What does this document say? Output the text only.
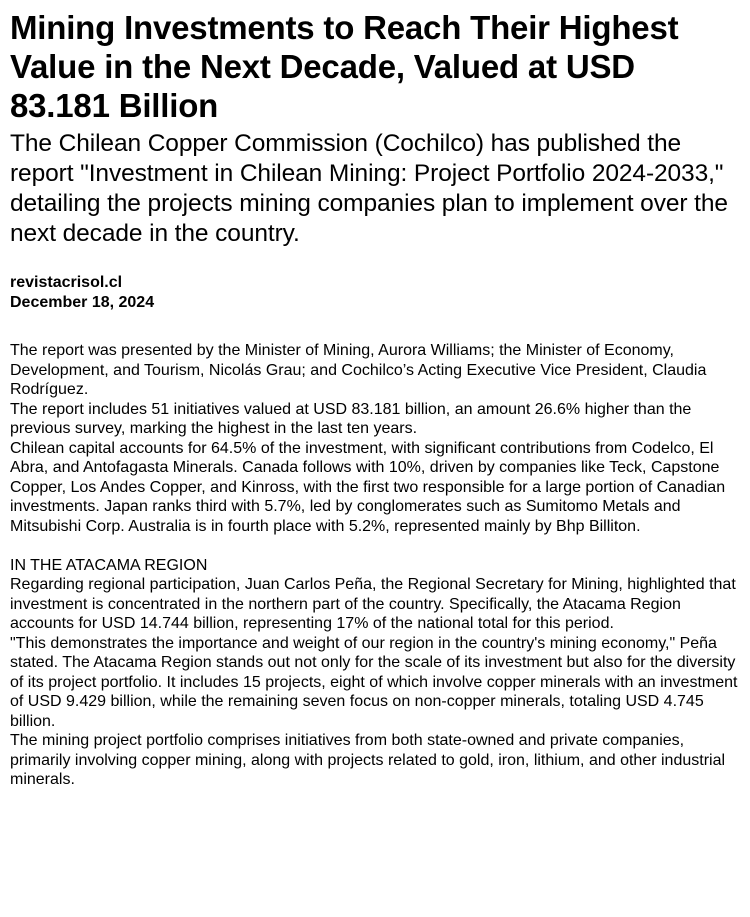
Mining Investments to Reach Their Highest Value in the Next Decade, Valued at USD 83.181 Billion

The Chilean Copper Commission (Cochilco) has published the report "Investment in Chilean Mining: Project Portfolio 2024-2033," detailing the projects mining companies plan to implement over the next decade in the country.

revistacrisol.cl
December 18, 2024

The report was presented by the Minister of Mining, Aurora Williams; the Minister of Economy, Development, and Tourism, Nicolás Grau; and Cochilco’s Acting Executive Vice President, Claudia Rodríguez.

The report includes 51 initiatives valued at USD 83.181 billion, an amount 26.6% higher than the previous survey, marking the highest in the last ten years.

Chilean capital accounts for 64.5% of the investment, with significant contributions from Codelco, El Abra, and Antofagasta Minerals. Canada follows with 10%, driven by companies like Teck, Capstone Copper, Los Andes Copper, and Kinross, with the first two responsible for a large portion of Canadian investments. Japan ranks third with 5.7%, led by conglomerates such as Sumitomo Metals and Mitsubishi Corp. Australia is in fourth place with 5.2%, represented mainly by Bhp Billiton.

IN THE ATACAMA REGION

Regarding regional participation, Juan Carlos Peña, the Regional Secretary for Mining, highlighted that investment is concentrated in the northern part of the country. Specifically, the Atacama Region accounts for USD 14.744 billion, representing 17% of the national total for this period.

"This demonstrates the importance and weight of our region in the country's mining economy," Peña stated. The Atacama Region stands out not only for the scale of its investment but also for the diversity of its project portfolio. It includes 15 projects, eight of which involve copper minerals with an investment of USD 9.429 billion, while the remaining seven focus on non-copper minerals, totaling USD 4.745 billion.

The mining project portfolio comprises initiatives from both state-owned and private companies, primarily involving copper mining, along with projects related to gold, iron, lithium, and other industrial minerals.
